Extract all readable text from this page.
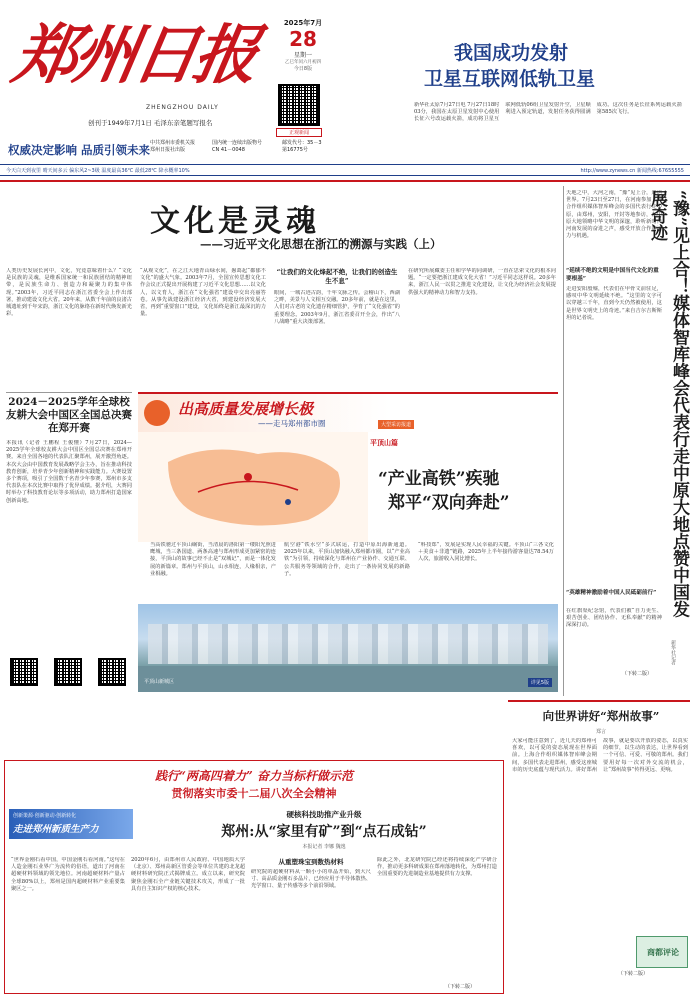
郑州日报
ZHENGZHOU DAILY
创刊于1949年7月1日 毛泽东亲笔题写报名
2025年7月
28
星期一
乙巳年闰六月初四
今日8版
正观新闻
权威决定影响 品质引领未来 中共郑州市委机关报
郑州日报社出版
国内统一连续出版物号
CN 41－0048
邮发代号：35－3
第16775号
今天白天到夜里 晴天间多云 偏东风2~3级 温度最高36℃ 最低28℃ 降水概率10%	http://www.zynews.cn 新闻热线:67655555
我国成功发射
卫星互联网低轨卫星
新华社太原7月27日电 7月27日18时03分，我国在太原卫星发射中心使用长征六号改运载火箭，成功将卫星互联网低轨06组卫星发射升空，卫星顺利进入预定轨道，发射任务获得圆满成功。这次任务是长征系列运载火箭第585次飞行。
文化是灵魂
——习近平文化思想在浙江的溯源与实践（上）
人类历史发展长河中，文化，究竟意味着什么？“文化是民族的灵魂，是维系国家统一和民族团结的精神纽带，是民族生命力、创造力和凝聚力的集中体现。”2003年，习近平同志在浙江省委全会上作出部署，推动建设文化大省。20年来，从数千年前的良渚古城遗址到千年宋韵，浙江文化的脉络在新时代焕发新光彩。
“从观文化”，在之江大地青山绿水间，愚葛起“都郁不文化”的盛大气象。2003年7月，全国宣传思想文化工作会议正式提出开展构建了习近平文化思想……以文化人，以文育人，浙江在“文化强省”建设中交出亮丽答卷。从事先战建设浙江经济大省，到建设经济发展大省，再到“重要窗口”建设，文化始终是浙江最深沉的力量。
“让我们的文化烽起不绝，让我们的创造生生不息”
眼间，一城古迹古韵，千年文脉之传。会稽山下，西湖之畔，美景与人文相互交融。20多年前，就是在这里，人们对古老的文化遗存精细管护，孕育了“文化强省”的重要理念。2003年9月，浙江省委召开全会，作出“八八战略”重大决策部署。
在研究所展藏委主任和学华的同调研，一直在思索文化的根本问题。“一定要把浙江建成文化大省！”习近平同志这样说。20多年来，浙江人民一以贯之推进文化建设，让文化为经济社会发展提供强大的精神动力和智力支持。
天地之中，大河之南，“豫”见上合，通达世界。7月23日至27日，在河南参加上海合作组织媒体智库峰会的多国代表行走中原，由郑州，安阳，开封等地参访，在中原大地领略中华文明的深邃，聆听新时代河南发展的奋进之声，感受开放合作的活力与机遇。
“延续不绝的文明是中国当代文化的重要根基”
走进安阳殷墟，代表们在甲骨文前驻足，感叹中华文明延续不绝。“这里的文字可以穿越三千年，直到今天仍然被使用，这是世界文明史上的奇迹。”来自吉尔吉斯斯坦的记者说。
“英雄精神激励着中国人民砥砺前行”
在红旗渠纪念馆，代表们被“自力更生、艰苦创业、团结协作、无私奉献”的精神深深打动。
（下转二版）
“豫”见上合！媒体智库峰会代表行走中原大地点赞中国发展奇迹
新华社记者
2024－2025学年全球校友耕大会中国区全国总决赛在郑开赛
本报讯（记者 王鹏程 王俊懂）7月27日，2024—2025学年全球校友耕大会中国区全国总决赛在郑州开赛。来自全国各地的代表队汇聚郑州，展开激烈角逐。本次大会由中国教育发展战略学会主办，旨在推动科技教育创新，培养青少年创新精神和实践能力。大赛设置多个赛项，吸引了全国数千名青少年参赛，郑州市多支代表队在本次比赛中取得了优异成绩。据介绍，大赛同时举办了科技教育论坛等多项活动，助力郑州打造国家创新高地。
出高质量发展增长极
——走马郑州都市圈	大型采访报道
平顶山篇
“产业高铁”疾驰
郑平“双向奔赴”
当高铁驰过平顶山碾街，当清晨的洛阳第一缕阳光照进鹰城，当三条国道、两条高速与郑州形成更加紧密的连接，平顶山的故事已经不止是“双城记”，而是一体化发展的新篇章。郑州与平顶山，山水相连，人缘相亲，产业相融。
航空港“铁水空”多式联运，打造中原出海新通道。2025年以来，平顶山加快融入郑州都市圈，以“产业高铁”为引领，持续深化与郑州在产业协作、交通互联、公共服务等领域的合作，走出了一条协同发展的新路子。
“科技郑”，发展是实现人民幸福的关键。平顶山“三各文化＋美食＋非遗”链路，2025年上半年接待游客量达78.54万人次，旅游收入同比增长。
平顶山新城区	详见5版
向世界讲好“郑州故事”
郑言
大家可能注意到了，近几天的郑州可喜欢，以可爱的姿态展现在世界面前。上海合作组织媒体智库峰会期间，多国代表走进郑州，感受这座城市的历史底蕴与现代活力。讲好郑州故事，就是要以开放的姿态，以真实的细节，以生动的表达，让世界看到一个可信、可爱、可敬的郑州。我们要用好每一次对外交流的机会，让“郑州故事”传得更远、更响。
（下转二版）
商都评论
践行“两高四着力” 奋力当标杆做示范
贯彻落实市委十二届八次全会精神
创新策源·创新驱动·创新转化
走进郑州新质生产力
硬核科技助推产业升级
郑州:从“家里有矿”到“点石成钻”
本报记者 李娜 魏逸
“世界金刚石看中国，中国金刚石看河南。”这句在人造金刚石业界广为流传的俗语，道出了河南在超硬材料领域的领先地位。河南超硬材料产量占全球80%以上，郑州是国内超硬材料产业重要集聚区之一。
2020年6月，由郑州市人民政府、中国地质大学（北京）、郑州高新区管委会等单位共建的北龙超硬材料研究院正式揭牌成立。成立以来，研究院聚焦金刚石全产业链关键技术攻关，形成了一批具有自主知识产权的核心技术。
从重塑珠宝到数热材料
研究院的超硬材料从一颗小小的单晶开始，到大尺寸、高品质金刚石多晶片，已经应用于半导体散热、光学窗口、量子传感等多个前沿领域。
除此之外，北龙研究院已经还将持续深化产学研合作，推动更多科研成果在郑州落地转化，为郑州打造全国重要的先进制造业基地提供有力支撑。
（下转二版）
